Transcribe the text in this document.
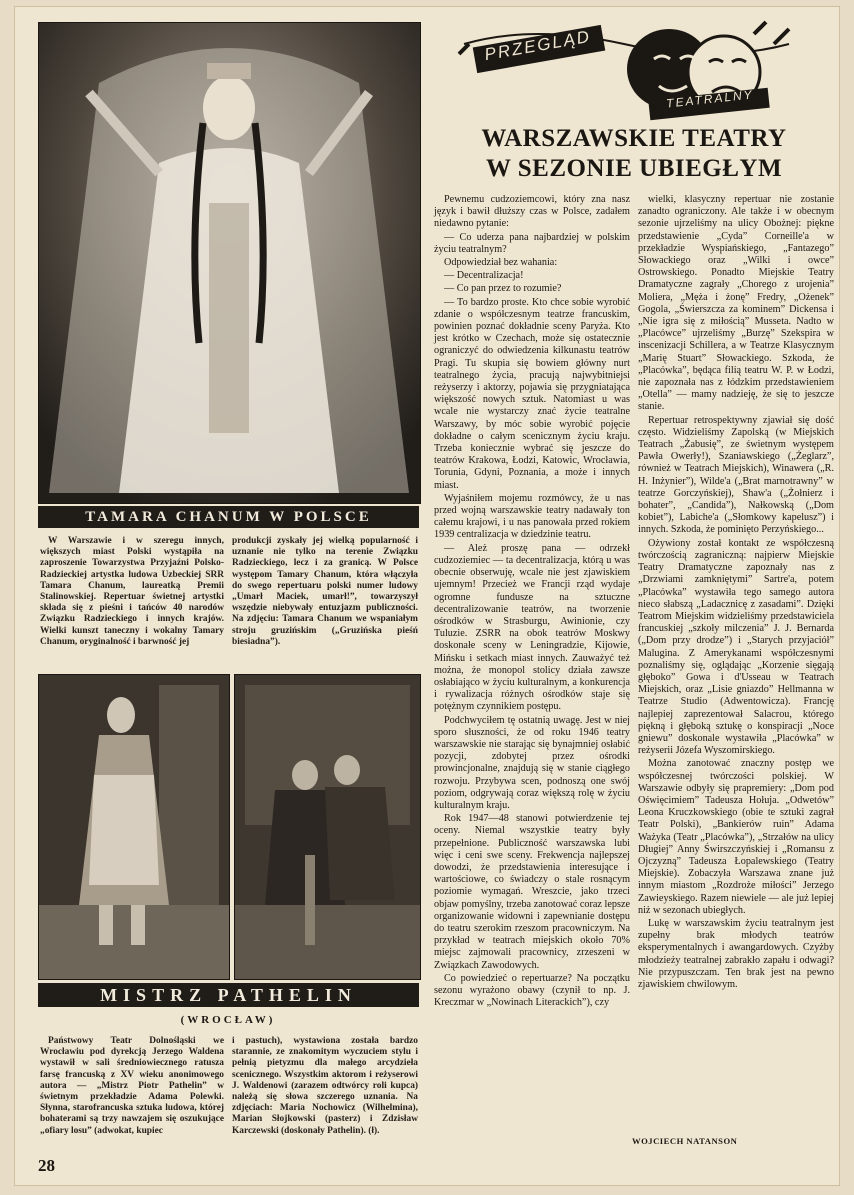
TAMARA CHANUM W POLSCE

W Warszawie i w szeregu innych, większych miast Polski wystąpiła na zaproszenie Towarzystwa Przyjaźni Polsko-Radzieckiej artystka ludowa Uzbeckiej SRR Tamara Chanum, laureatką Premii Stalinowskiej. Repertuar świetnej artystki składa się z pieśni i tańców 40 narodów Związku Radzieckiego i innych krajów. Wielki kunszt taneczny i wokalny Tamary Chanum, oryginalność i barwność jej

produkcji zyskały jej wielką popularność i uznanie nie tylko na terenie Związku Radzieckiego, lecz i za granicą. W Polsce występom Tamary Chanum, która włączyła do swego repertuaru polski numer ludowy „Umarł Maciek, umarł!”, towarzyszył wszędzie niebywały entuzjazm publiczności. Na zdjęciu: Tamara Chanum we wspaniałym stroju gruzińskim („Gruzińska pieśń biesiadna”).

MISTRZ PATHELIN
(WROCŁAW)

Państwowy Teatr Dolnośląski we Wrocławiu pod dyrekcją Jerzego Waldena wystawił w sali średniowiecznego ratusza farsę francuską z XV wieku anonimowego autora — „Mistrz Piotr Pathelin” w świetnym przekładzie Adama Polewki. Słynna, starofrancuska sztuka ludowa, której bohaterami są trzy nawzajem się oszukujące „ofiary losu” (adwokat, kupiec

i pastuch), wystawiona została bardzo starannie, ze znakomitym wyczuciem stylu i pełnią pietyzmu dla małego arcydzieła scenicznego. Wszystkim aktorom i reżyserowi J. Waldenowi (zarazem odtwórcy roli kupca) należą się słowa szczerego uznania. Na zdjęciach: Maria Nochowicz (Wilhelmina), Marian Słojkowski (pasterz) i Zdzisław Karczewski (doskonały Pathelin). (ł).

PRZEGLĄD
TEATRALNY
WARSZAWSKIE TEATRY
W SEZONIE UBIEGŁYM

Pewnemu cudzoziemcowi, który zna nasz język i bawił dłuższy czas w Polsce, zadałem niedawno pytanie:

— Co uderza pana najbardziej w polskim życiu teatralnym?

Odpowiedział bez wahania:

— Decentralizacja!

— Co pan przez to rozumie?

— To bardzo proste. Kto chce sobie wyrobić zdanie o współczesnym teatrze francuskim, powinien poznać dokładnie sceny Paryża. Kto jest krótko w Czechach, może się ostatecznie ograniczyć do odwiedzenia kilkunastu teatrów Pragi. Tu skupia się bowiem główny nurt teatralnego życia, pracują najwybitniejsi reżyserzy i aktorzy, pojawia się przygniatająca większość nowych sztuk. Natomiast u was wcale nie wystarczy znać życie teatralne Warszawy, by móc sobie wyrobić pojęcie dokładne o całym scenicznym życiu kraju. Trzeba koniecznie wybrać się jeszcze do teatrów Krakowa, Łodzi, Katowic, Wrocławia, Torunia, Gdyni, Poznania, a może i innych miast.

Wyjaśniłem mojemu rozmówcy, że u nas przed wojną warszawskie teatry nadawały ton całemu krajowi, i u nas panowała przed rokiem 1939 centralizacja w dziedzinie teatru.

— Ależ proszę pana — odrzekł cudzoziemiec — ta decentralizacja, którą u was obecnie obserwuję, wcale nie jest zjawiskiem ujemnym! Przecież we Francji rząd wydaje ogromne fundusze na sztuczne decentralizowanie teatrów, na tworzenie ośrodków w Strasburgu, Awinionie, czy Tuluzie. ZSRR na obok teatrów Moskwy doskonałe sceny w Leningradzie, Kijowie, Mińsku i setkach miast innych. Zauważyć też można, że monopol stolicy działa zawsze osłabiająco w życiu kulturalnym, a konkurencja i rywalizacja różnych ośrodków staje się potężnym czynnikiem postępu.

Podchwyciłem tę ostatnią uwagę. Jest w niej sporo słuszności, że od roku 1946 teatry warszawskie nie starając się bynajmniej osłabić pozycji, zdobytej przez ośrodki prowincjonalne, znajdują się w stanie ciągłego rozwoju. Przybywa scen, podnoszą one swój poziom, odgrywają coraz większą rolę w życiu kulturalnym kraju.

Rok 1947—48 stanowi potwierdzenie tej oceny. Niemal wszystkie teatry były przepełnione. Publiczność warszawska lubi więc i ceni swe sceny. Frekwencja najlepszej dowodzi, że przedstawienia interesujące i wartościowe, co świadczy o stale rosnącym poziomie wymagań. Wreszcie, jako trzeci objaw pomyślny, trzeba zanotować coraz lepsze organizowanie widowni i zapewnianie dostępu do teatru szerokim rzeszom pracowniczym. Na przykład w teatrach miejskich około 70% miejsc zajmowali pracownicy, zrzeszeni w Związkach Zawodowych.

Co powiedzieć o repertuarze? Na początku sezonu wyrażono obawy (czynił to np. J. Kreczmar w „Nowinach Literackich”), czy

wielki, klasyczny repertuar nie zostanie zanadto ograniczony. Ale także i w obecnym sezonie ujrzeliśmy na ulicy Obożnej: piękne przedstawienie „Cyda” Corneille'a w przekładzie Wyspiańskiego, „Fantazego” Słowackiego oraz „Wilki i owce” Ostrowskiego. Ponadto Miejskie Teatry Dramatyczne zagrały „Chorego z urojenia” Moliera, „Męża i żonę” Fredry, „Ożenek” Gogola, „Świerszcza za kominem” Dickensa i „Nie igra się z miłością” Musseta. Nadto w „Placówce” ujrzeliśmy „Burzę” Szekspira w inscenizacji Schillera, a w Teatrze Klasycznym „Marię Stuart” Słowackiego. Szkoda, że „Placówka”, będąca filią teatru W. P. w Łodzi, nie zapoznała nas z łódzkim przedstawieniem „Otella” — mamy nadzieję, że się to jeszcze stanie.

Repertuar retrospektywny zjawiał się dość często. Widzieliśmy Zapolską (w Miejskich Teatrach „Żabusię”, ze świetnym występem Pawła Owerły!), Szaniawskiego („Żeglarz”, również w Teatrach Miejskich), Winawera („R. H. Inżynier”), Wilde'a („Brat marnotrawny” w teatrze Gorczyńskiej), Shaw'a („Żołnierz i bohater”, „Candida”), Nałkowską („Dom kobiet”), Labiche'a („Słomkowy kapelusz”) i innych. Szkoda, że pominięto Perzyńskiego...

Ożywiony został kontakt ze współczesną twórczością zagraniczną: najpierw Miejskie Teatry Dramatyczne zapoznały nas z „Drzwiami zamkniętymi” Sartre'a, potem „Placówka” wystawiła tego samego autora nieco słabszą „Ladacznicę z zasadami”. Dzięki Teatrom Miejskim widzieliśmy przedstawiciela francuskiej „szkoły milczenia” J. J. Bernarda („Dom przy drodze”) i „Starych przyjaciół” Malugina. Z Amerykanami współczesnymi poznaliśmy się, oglądając „Korzenie sięgają głęboko” Gowa i d'Usseau w Teatrach Miejskich, oraz „Lisie gniazdo” Hellmanna w Teatrze Studio (Adwentowicza). Francję najlepiej zaprezentował Salacrou, którego piękną i głęboką sztukę o konspiracji „Noce gniewu” doskonale wystawiła „Placówka” w reżyserii Józefa Wyszomirskiego.

Można zanotować znaczny postęp we współczesnej twórczości polskiej. W Warszawie odbyły się prapremiery: „Dom pod Oświęcimiem” Tadeusza Hołuja. „Odwetów” Leona Kruczkowskiego (obie te sztuki zagrał Teatr Polski), „Bankierów ruin” Adama Ważyka (Teatr „Placówka”), „Strzałów na ulicy Długiej” Anny Świrszczyńskiej i „Romansu z Ojczyzną” Tadeusza Łopalewskiego (Teatry Miejskie). Zobaczyła Warszawa znane już innym miastom „Rozdroże miłości” Jerzego Zawieyskiego. Razem niewiele — ale już lepiej niż w sezonach ubiegłych.

Lukę w warszawskim życiu teatralnym jest zupełny brak młodych teatrów eksperymentalnych i awangardowych. Czyżby młodzieży teatralnej zabrakło zapału i odwagi? Nie przypuszczam. Ten brak jest na pewno zjawiskiem chwilowym.

WOJCIECH NATANSON
28
